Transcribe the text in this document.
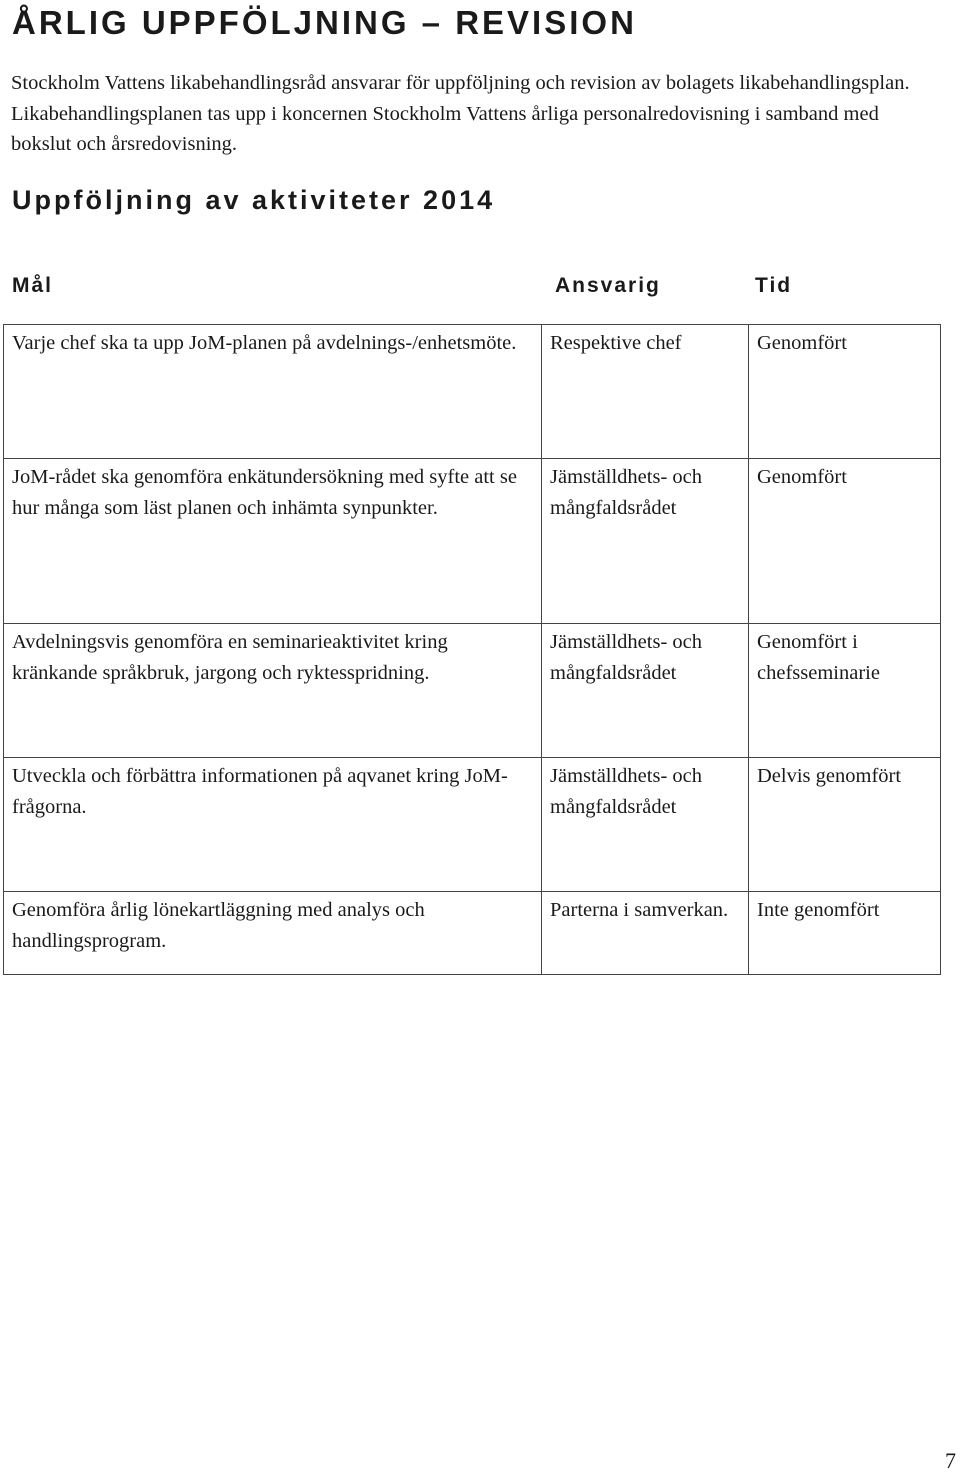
ÅRLIG UPPFÖLJNING – REVISION

Stockholm Vattens likabehandlingsråd ansvarar för uppföljning och revision av bolagets likabehandlingsplan. Likabehandlingsplanen tas upp i koncernen Stockholm Vattens årliga personalredovisning i samband med bokslut och årsredovisning.

Uppföljning av aktiviteter 2014
Mål	Ansvarig	Tid
Varje chef ska ta upp JoM-planen på avdelnings-/enhetsmöte.	Respektive chef	Genomfört
JoM-rådet ska genomföra enkätundersökning med syfte att se hur många som läst planen och inhämta synpunkter.	Jämställdhets- och mångfaldsrådet	Genomfört
Avdelningsvis genomföra en seminarieaktivitet kring kränkande språkbruk, jargong och ryktesspridning.	Jämställdhets- och mångfaldsrådet	Genomfört i chefsseminarie
Utveckla och förbättra informationen på aqvanet kring JoM-frågorna.	Jämställdhets- och mångfaldsrådet	Delvis genomfört
Genomföra årlig lönekartläggning med analys och handlingsprogram.	Parterna i samverkan.	Inte genomfört
7
